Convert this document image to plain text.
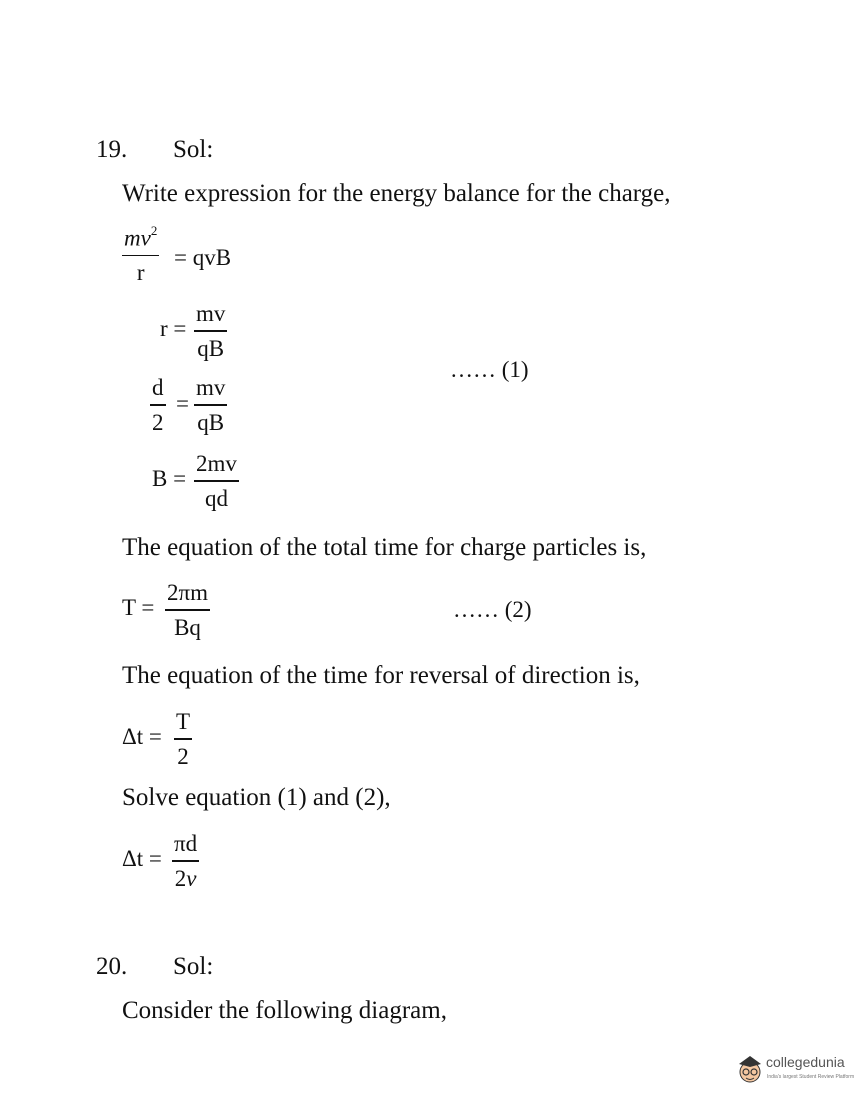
19. Sol:
Write expression for the energy balance for the charge,
$mv^2$
r
= qvB
r =
mv
qB
d
2
=
mv
qB
…… (1)
B =
2mv
qd
The equation of the total time for charge particles is,
T =
2πm
Bq
…… (2)
The equation of the time for reversal of direction is,
Δt =
T
2
Solve equation (1) and (2),
Δt =
πd
2v
20. Sol:
Consider the following diagram,
collegedunia
India's largest Student Review Platform
